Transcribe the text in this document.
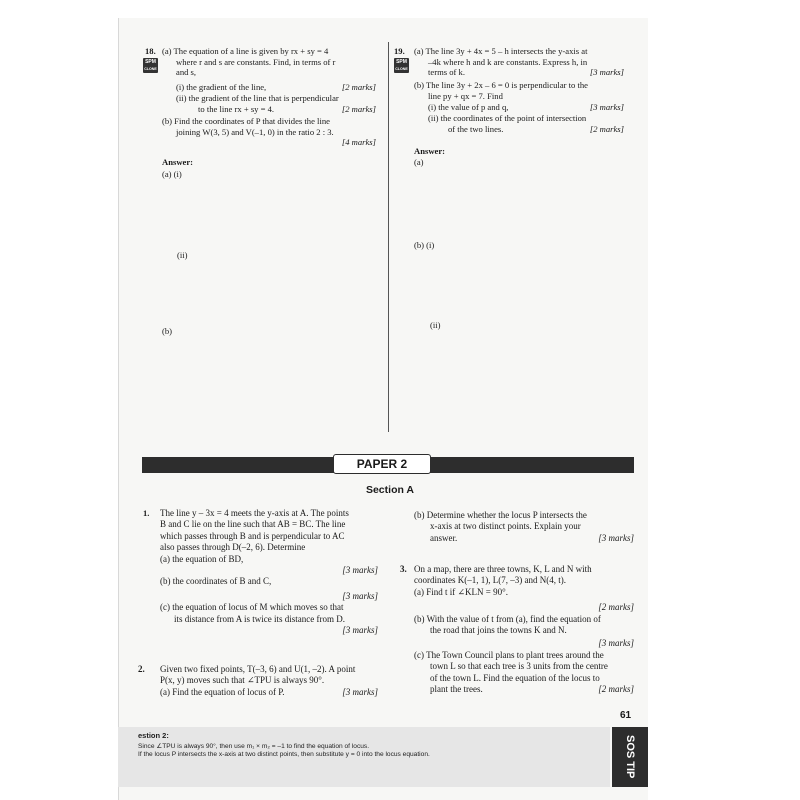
18.
SPM
CLONE
(a) The equation of a line is given by rx + sy = 4
where r and s are constants. Find, in terms of r
and s,
(i) the gradient of the line,	[2 marks]
(ii) the gradient of the line that is perpendicular
to the line rx + sy = 4.	[2 marks]
(b) Find the coordinates of P that divides the line
joining W(3, 5) and V(–1, 0) in the ratio 2 : 3.
[4 marks]
Answer:
(a) (i)
(ii)
(b)
19.
SPM
CLONE
(a) The line 3y + 4x = 5 – h intersects the y-axis at
–4k where h and k are constants. Express h, in
terms of k.	[3 marks]
(b) The line 3y + 2x – 6 = 0 is perpendicular to the
line py + qx = 7. Find
(i) the value of p and q,	[3 marks]
(ii) the coordinates of the point of intersection
of the two lines.	[2 marks]
Answer:
(a)
(b) (i)
(ii)
PAPER 2
Section A
1. The line y – 3x = 4 meets the y-axis at A. The points
B and C lie on the line such that AB = BC. The line
which passes through B and is perpendicular to AC
also passes through D(–2, 6). Determine
(a) the equation of BD,
[3 marks]
(b) the coordinates of B and C,
[3 marks]
(c) the equation of locus of M which moves so that
its distance from A is twice its distance from D.
[3 marks]
2. Given two fixed points, T(–3, 6) and U(1, –2). A point
P(x, y) moves such that ∠TPU is always 90°.
(a) Find the equation of locus of P.	[3 marks]
(b) Determine whether the locus P intersects the
x-axis at two distinct points. Explain your
answer.	[3 marks]
3. On a map, there are three towns, K, L and N with
coordinates K(–1, 1), L(7, –3) and N(4, t).
(a) Find t if ∠KLN = 90°.
[2 marks]
(b) With the value of t from (a), find the equation of
the road that joins the towns K and N.
[3 marks]
(c) The Town Council plans to plant trees around the
town L so that each tree is 3 units from the centre
of the town L. Find the equation of the locus to
plant the trees.	[2 marks]
61
estion 2:
Since ∠TPU is always 90°, then use m₁ × m₂ = –1 to find the equation of locus.
If the locus P intersects the x-axis at two distinct points, then substitute y = 0 into the locus equation.	SOS TIP
